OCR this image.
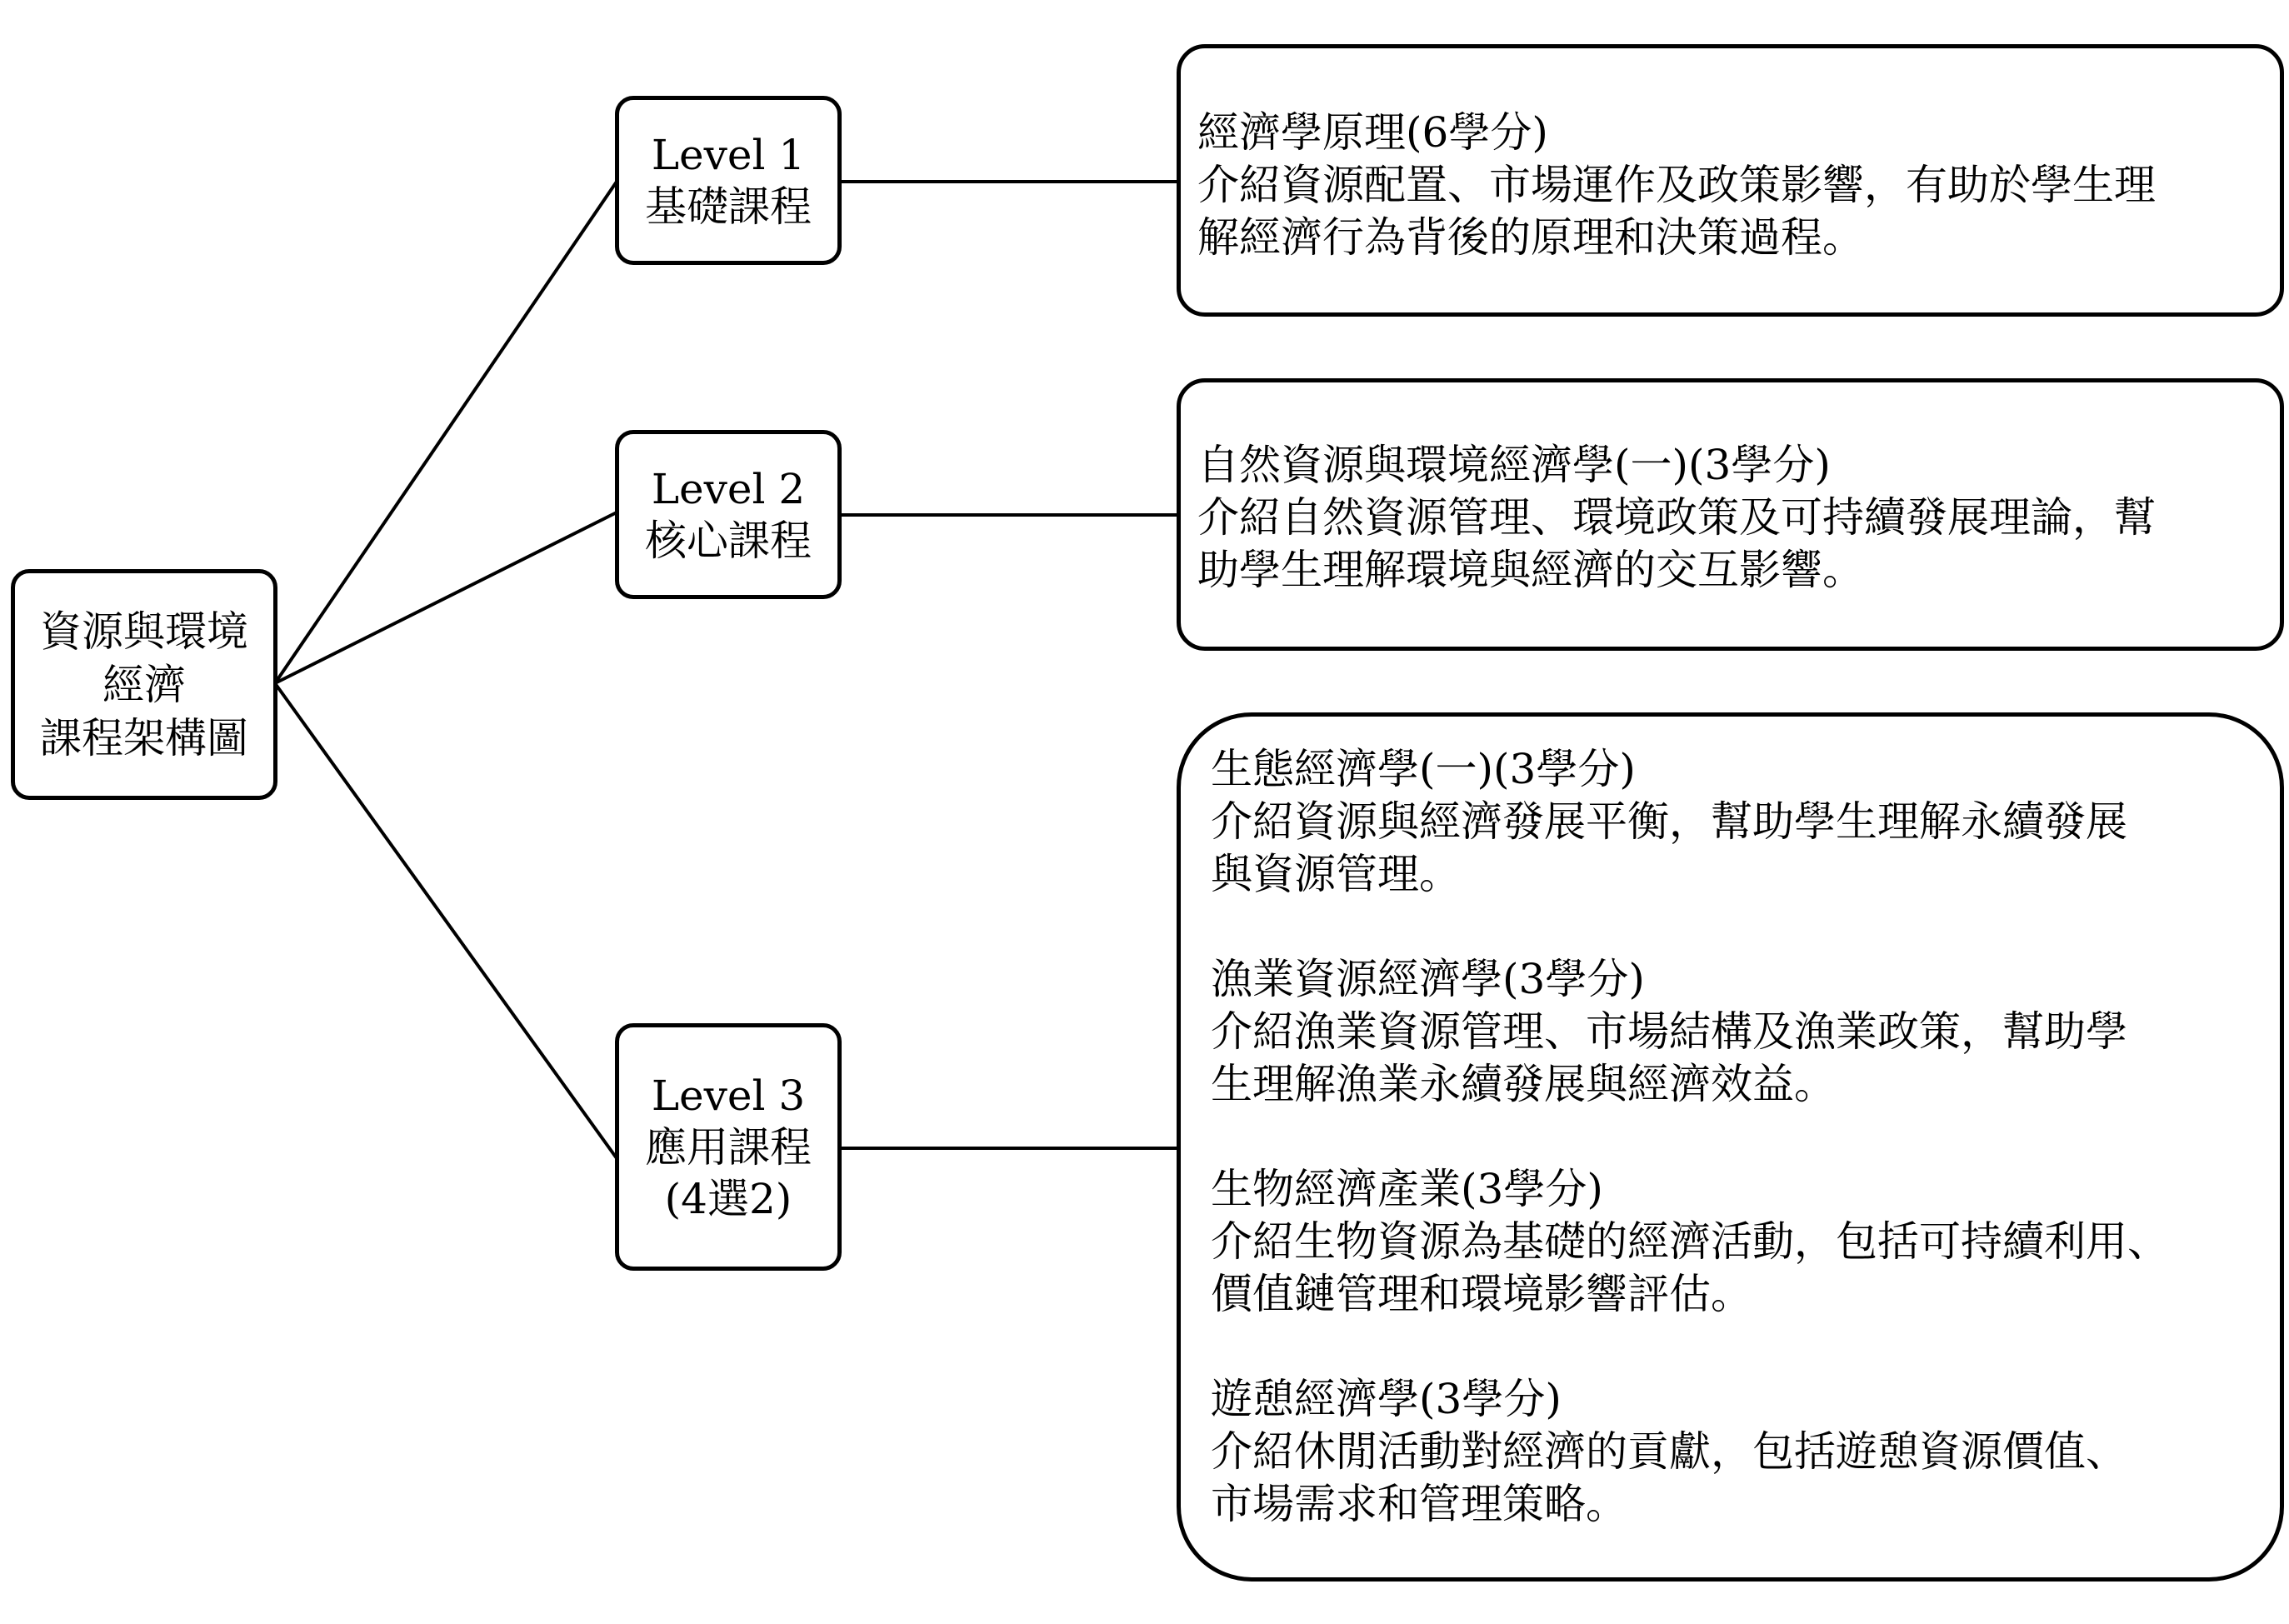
資源與環境
經濟
課程架構圖
Level 1
基礎課程
Level 2
核心課程
Level 3
應用課程
(4選2)
經濟學原理(6學分)
介紹資源配置、市場運作及政策影響，有助於學生理
解經濟行為背後的原理和決策過程。
自然資源與環境經濟學(一)(3學分)
介紹自然資源管理、環境政策及可持續發展理論，幫
助學生理解環境與經濟的交互影響。
生態經濟學(一)(3學分)
介紹資源與經濟發展平衡，幫助學生理解永續發展
與資源管理。
漁業資源經濟學(3學分)
介紹漁業資源管理、市場結構及漁業政策，幫助學
生理解漁業永續發展與經濟效益。
生物經濟產業(3學分)
介紹生物資源為基礎的經濟活動，包括可持續利用、
價值鏈管理和環境影響評估。
遊憩經濟學(3學分)
介紹休閒活動對經濟的貢獻，包括遊憩資源價值、
市場需求和管理策略。
